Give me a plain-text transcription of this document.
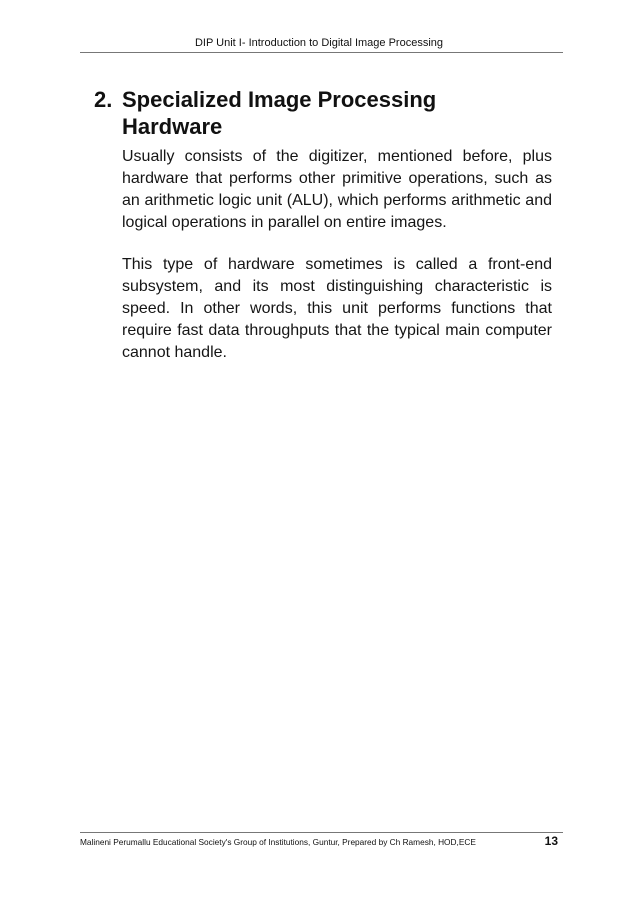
DIP Unit I- Introduction to Digital Image Processing
2. Specialized Image Processing
Hardware

Usually consists of the digitizer, mentioned before, plus hardware that performs other primitive operations, such as an arithmetic logic unit (ALU), which performs arithmetic and logical operations in parallel on entire images.

This type of hardware sometimes is called a front-end subsystem, and its most distinguishing characteristic is speed. In other words, this unit performs functions that require fast data throughputs that the typical main computer cannot handle.

Malineni Perumallu Educational Society's Group of Institutions, Guntur, Prepared by Ch Ramesh, HOD,ECE	13
